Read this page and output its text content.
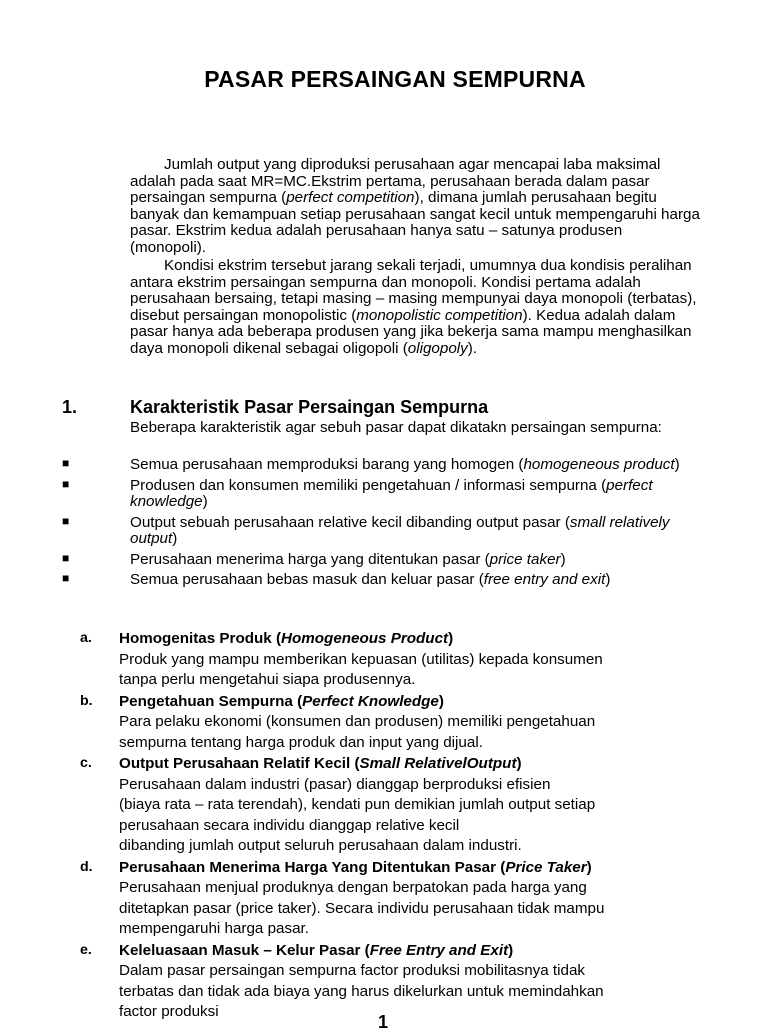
PASAR PERSAINGAN SEMPURNA

Jumlah output yang diproduksi perusahaan agar mencapai laba maksimal adalah pada saat MR=MC.Ekstrim pertama, perusahaan berada dalam pasar persaingan sempurna (perfect competition), dimana jumlah perusahaan begitu banyak dan kemampuan setiap perusahaan sangat kecil untuk mempengaruhi harga pasar. Ekstrim kedua adalah perusahaan hanya satu – satunya produsen (monopoli).

Kondisi ekstrim tersebut jarang sekali terjadi, umumnya dua kondisis peralihan antara ekstrim persaingan sempurna dan monopoli. Kondisi pertama adalah perusahaan bersaing, tetapi masing – masing mempunyai daya monopoli (terbatas), disebut persaingan monopolistic (monopolistic competition). Kedua adalah dalam pasar hanya ada beberapa produsen yang jika bekerja sama mampu menghasilkan daya monopoli dikenal sebagai oligopoli (oligopoly).

1.	Karakteristik Pasar Persaingan Sempurna
Beberapa karakteristik agar sebuh pasar dapat dikatakn persaingan sempurna:
■	Semua perusahaan memproduksi barang yang homogen (homogeneous product)
■	Produsen dan konsumen memiliki pengetahuan / informasi sempurna (perfect knowledge)
■	Output sebuah perusahaan relative kecil dibanding output pasar (small relatively output)
■	Perusahaan menerima harga yang ditentukan pasar (price taker)
■	Semua perusahaan bebas masuk dan keluar pasar (free entry and exit)
a. Homogenitas Produk (Homogeneous Product)
Produk yang mampu memberikan kepuasan (utilitas) kepada konsumen
tanpa perlu mengetahui siapa produsennya.
b. Pengetahuan Sempurna (Perfect Knowledge)
Para pelaku ekonomi (konsumen dan produsen) memiliki pengetahuan
sempurna tentang harga produk dan input yang dijual.
c. Output Perusahaan Relatif Kecil (Small RelativelOutput)
Perusahaan dalam industri (pasar) dianggap berproduksi efisien
(biaya rata – rata terendah), kendati pun demikian jumlah output setiap
perusahaan secara individu dianggap relative kecil
dibanding jumlah output seluruh perusahaan dalam industri.
d. Perusahaan Menerima Harga Yang Ditentukan Pasar (Price Taker)
Perusahaan menjual produknya dengan berpatokan pada harga yang
ditetapkan pasar (price taker). Secara individu perusahaan tidak mampu
mempengaruhi harga pasar.
e. Keleluasaan Masuk – Kelur Pasar (Free Entry and Exit)
Dalam pasar persaingan sempurna factor produksi mobilitasnya tidak
terbatas dan tidak ada biaya yang harus dikelurkan untuk memindahkan
factor produksi
1
